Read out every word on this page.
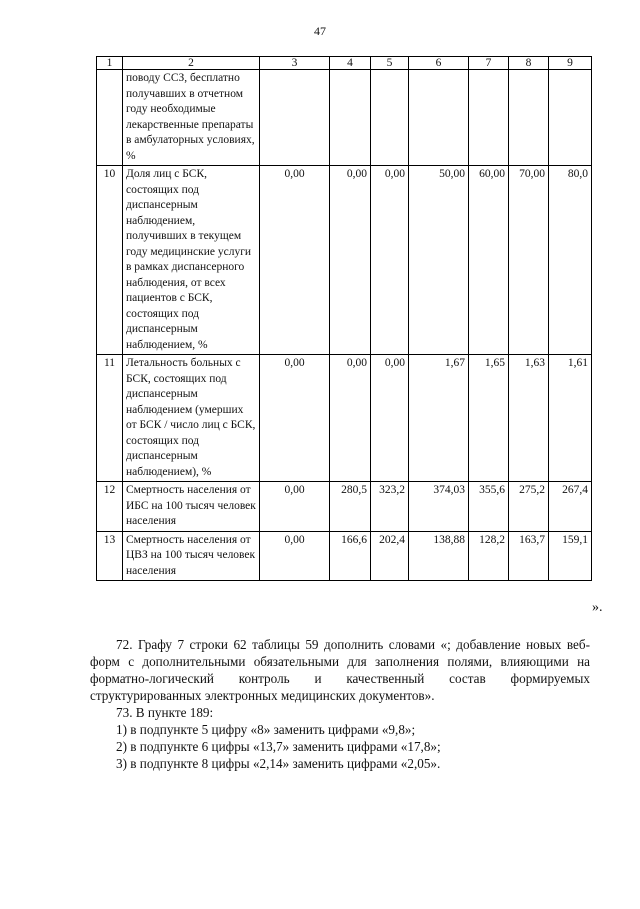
47
1	2	3	4	5	6	7	8	9
	поводу ССЗ, бесплатно получавших в отчетном году необходимые лекарственные препараты в амбулаторных условиях, %							
10	Доля лиц с БСК, состоящих под диспансерным наблюдением, получивших в текущем году медицинские услуги в рамках диспансерного наблюдения, от всех пациентов с БСК, состоящих под диспансерным наблюдением, %	0,00	0,00	0,00	50,00	60,00	70,00	80,0
11	Летальность больных с БСК, состоящих под диспансерным наблюдением (умерших от БСК / число лиц с БСК, состоящих под диспансерным наблюдением), %	0,00	0,00	0,00	1,67	1,65	1,63	1,61
12	Смертность населения от ИБС на 100 тысяч человек населения	0,00	280,5	323,2	374,03	355,6	275,2	267,4
13	Смертность населения от ЦВЗ на 100 тысяч человек населения	0,00	166,6	202,4	138,88	128,2	163,7	159,1
».

72. Графу 7 строки 62 таблицы 59 дополнить словами «; добавление новых веб-форм с дополнительными обязательными для заполнения полями, влияющими на форматно-логический контроль и качественный состав формируемых структурированных электронных медицинских документов».

73. В пункте 189:

1) в подпункте 5 цифру «8» заменить цифрами «9,8»;

2) в подпункте 6 цифры «13,7» заменить цифрами «17,8»;

3) в подпункте 8 цифры «2,14» заменить цифрами «2,05».
